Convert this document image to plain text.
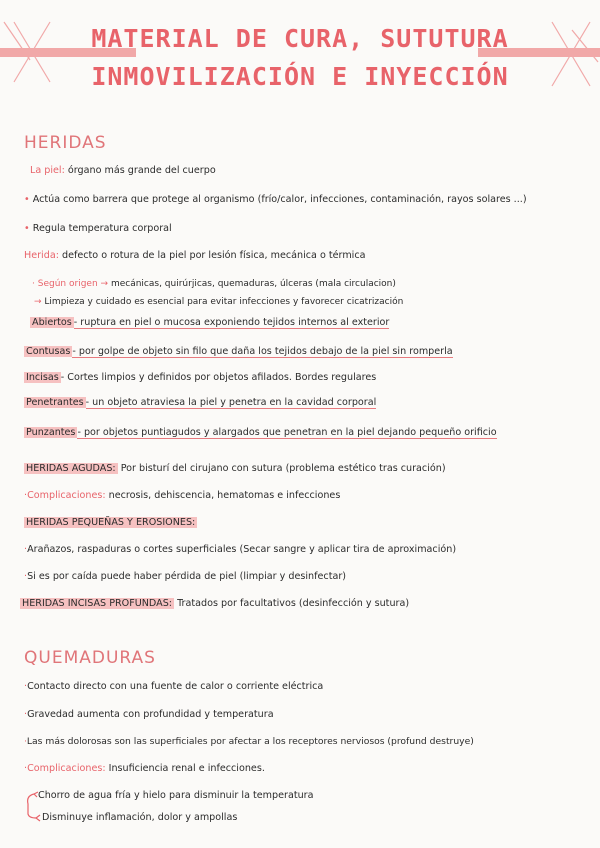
MATERIAL DE CURA, SUTUTURA
INMOVILIZACIÓN E INYECCIÓN
HERIDAS
La piel: órgano más grande del cuerpo
• Actúa como barrera que protege al organismo (frío/calor, infecciones, contaminación, rayos solares ...)
• Regula temperatura corporal
Herida: defecto o rotura de la piel por lesión física, mecánica o térmica
· Según origen → mecánicas, quirúrjicas, quemaduras, úlceras (mala circulacion)
→ Limpieza y cuidado es esencial para evitar infecciones y favorecer cicatrización
Abiertos - ruptura en piel o mucosa exponiendo tejidos internos al exterior
Contusas - por golpe de objeto sin filo que daña los tejidos debajo de la piel sin romperla
Incisas - Cortes limpios y definidos por objetos afilados. Bordes regulares
Penetrantes - un objeto atraviesa la piel y penetra en la cavidad corporal
Punzantes - por objetos puntiagudos y alargados que penetran en la piel dejando pequeño orificio
HERIDAS AGUDAS: Por bisturí del cirujano con sutura (problema estético tras curación)
·Complicaciones: necrosis, dehiscencia, hematomas e infecciones
HERIDAS PEQUEÑAS Y EROSIONES:
·Arañazos, raspaduras o cortes superficiales (Secar sangre y aplicar tira de aproximación)
·Si es por caída puede haber pérdida de piel (limpiar y desinfectar)
HERIDAS INCISAS PROFUNDAS: Tratados por facultativos (desinfección y sutura)
QUEMADURAS
·Contacto directo con una fuente de calor o corriente eléctrica
·Gravedad aumenta con profundidad y temperatura
·Las más dolorosas son las superficiales por afectar a los receptores nerviosos (profund destruye)
·Complicaciones: Insuficiencia renal e infecciones.
Chorro de agua fría y hielo para disminuir la temperatura
Disminuye inflamación, dolor y ampollas
